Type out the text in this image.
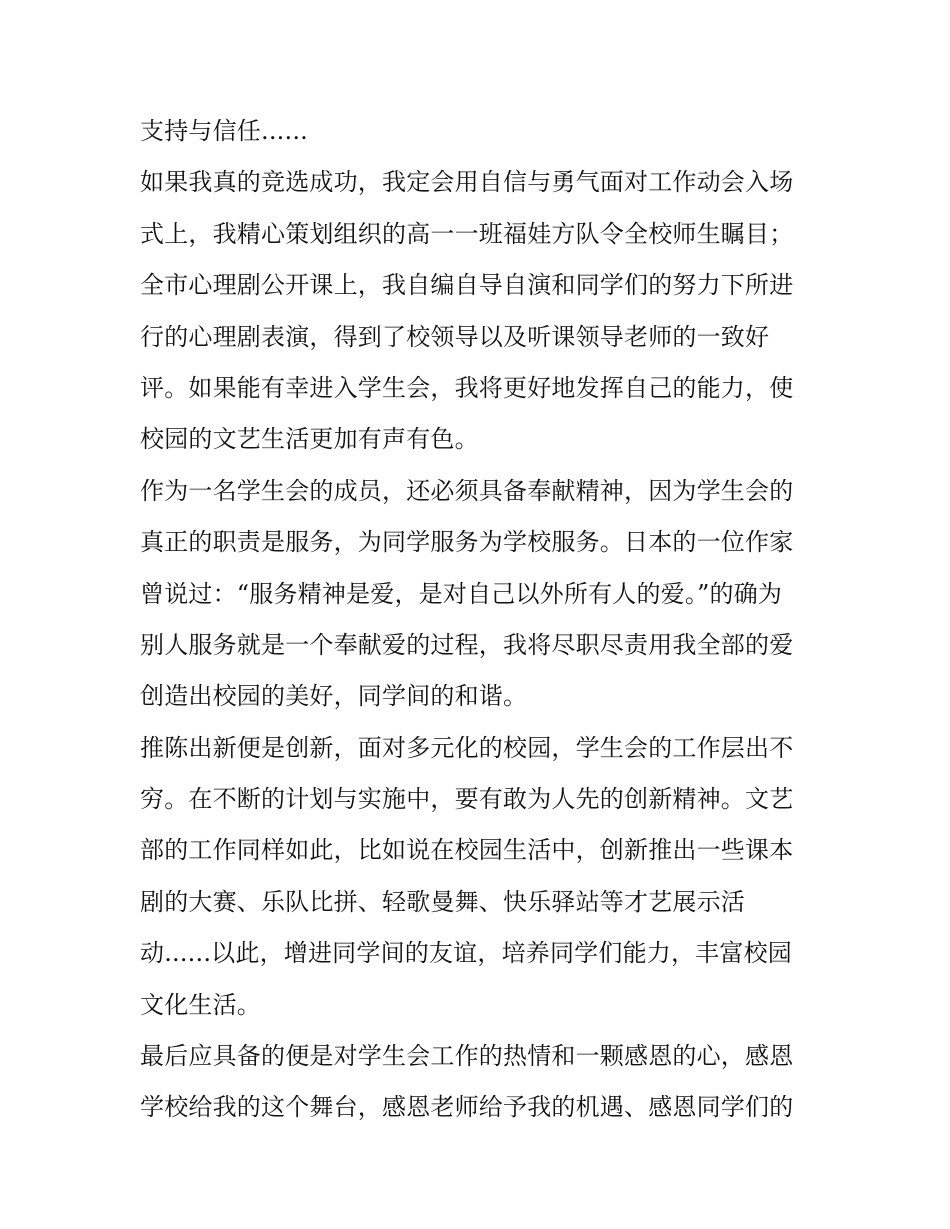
支持与信任......
如果我真的竞选成功，我定会用自信与勇气面对工作动会入场
式上，我精心策划组织的高一一班福娃方队令全校师生瞩目；
全市心理剧公开课上，我自编自导自演和同学们的努力下所进
行的心理剧表演，得到了校领导以及听课领导老师的一致好
评。如果能有幸进入学生会，我将更好地发挥自己的能力，使
校园的文艺生活更加有声有色。
作为一名学生会的成员，还必须具备奉献精神，因为学生会的
真正的职责是服务，为同学服务为学校服务。日本的一位作家
曾说过：“服务精神是爱，是对自己以外所有人的爱。”的确为
别人服务就是一个奉献爱的过程，我将尽职尽责用我全部的爱
创造出校园的美好，同学间的和谐。
推陈出新便是创新，面对多元化的校园，学生会的工作层出不
穷。在不断的计划与实施中，要有敢为人先的创新精神。文艺
部的工作同样如此，比如说在校园生活中，创新推出一些课本
剧的大赛、乐队比拼、轻歌曼舞、快乐驿站等才艺展示活
动......以此，增进同学间的友谊，培养同学们能力，丰富校园
文化生活。
最后应具备的便是对学生会工作的热情和一颗感恩的心，感恩
学校给我的这个舞台，感恩老师给予我的机遇、感恩同学们的
